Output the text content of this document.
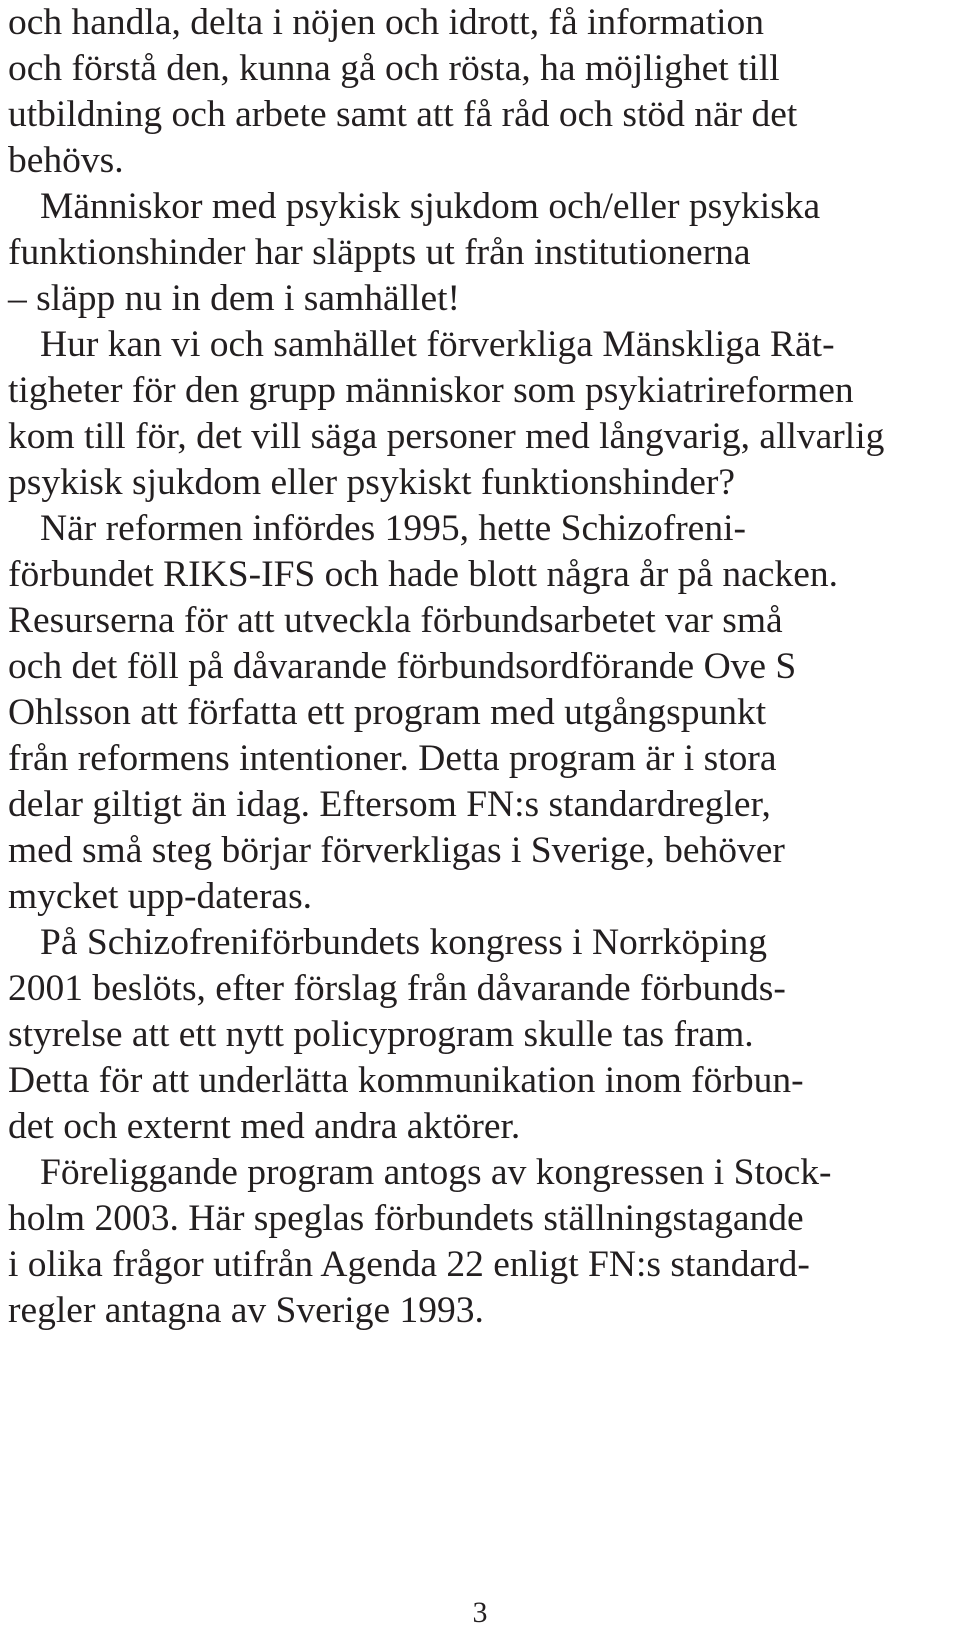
och handla, delta i nöjen och idrott, få information
och förstå den, kunna gå och rösta, ha möjlighet till
utbildning och arbete samt att få råd och stöd när det
behövs.
Människor med psykisk sjukdom och/eller psykiska
funktionshinder har släppts ut från institutionerna
– släpp nu in dem i samhället!
Hur kan vi och samhället förverkliga Mänskliga Rät-
tigheter för den grupp människor som psykiatrireformen
kom till för, det vill säga personer med långvarig, allvarlig
psykisk sjukdom eller psykiskt funktionshinder?
När reformen infördes 1995, hette Schizofreni-
förbundet RIKS-IFS och hade blott några år på nacken.
Resurserna för att utveckla förbundsarbetet var små
och det föll på dåvarande förbundsordförande Ove S
Ohlsson att författa ett program med utgångspunkt
från reformens intentioner. Detta program är i stora
delar giltigt än idag. Eftersom FN:s standardregler,
med små steg börjar förverkligas i Sverige, behöver
mycket upp-dateras.
På Schizofreniförbundets kongress i Norrköping
2001 beslöts, efter förslag från dåvarande förbunds-
styrelse att ett nytt policyprogram skulle tas fram.
Detta för att underlätta kommunikation inom förbun-
det och externt med andra aktörer.
Föreliggande program antogs av kongressen i Stock-
holm 2003. Här speglas förbundets ställningstagande
i olika frågor utifrån Agenda 22 enligt FN:s standard-
regler antagna av Sverige 1993.
3
